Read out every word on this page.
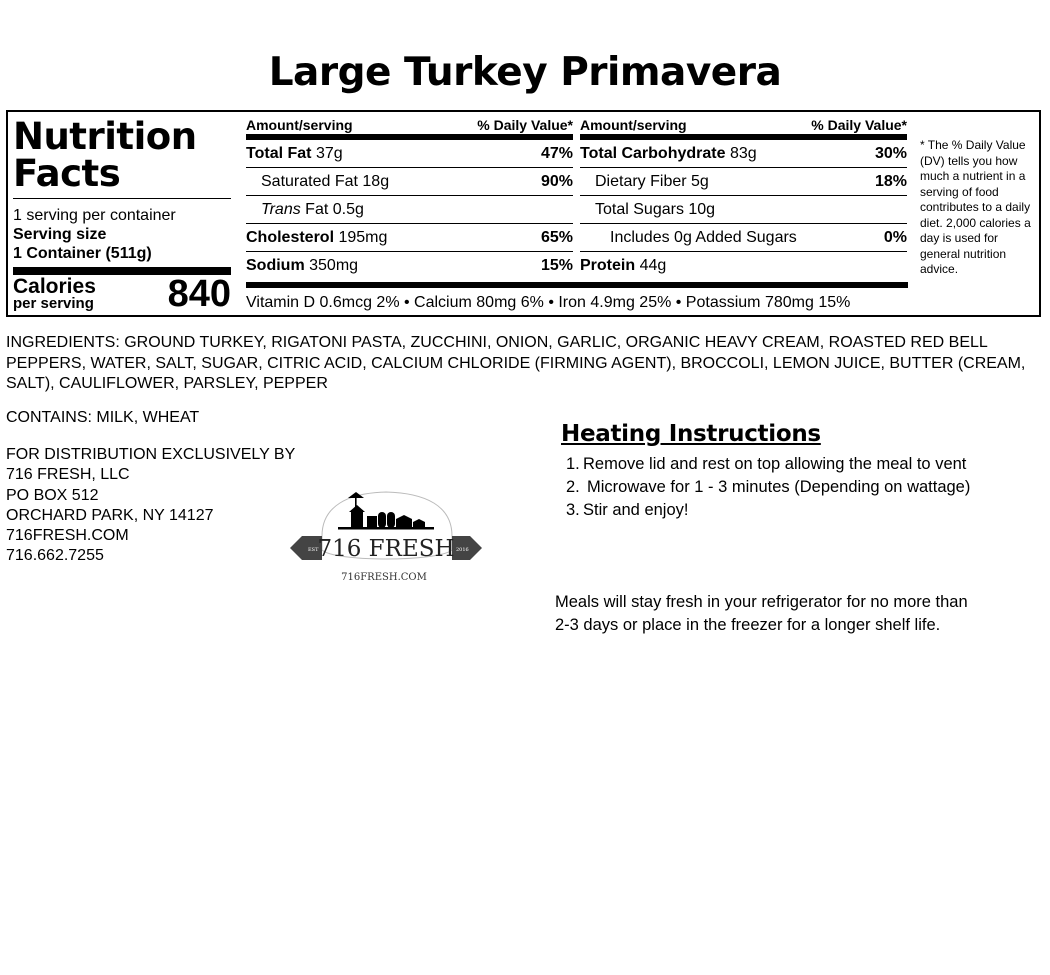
Large Turkey Primavera
Nutrition
Facts
1 serving per container
Serving size
1 Container (511g)
Calories
per serving 840
Amount/serving	% Daily Value*
Total Fat 37g	47%
Saturated Fat 18g	90%
Trans Fat 0.5g
Cholesterol 195mg	65%
Sodium 350mg	15%
Amount/serving	% Daily Value*
Total Carbohydrate 83g	30%
Dietary Fiber 5g	18%
Total Sugars 10g
Includes 0g Added Sugars	0%
Protein 44g
Vitamin D 0.6mcg 2% • Calcium 80mg 6% • Iron 4.9mg 25% • Potassium 780mg 15%
* The % Daily Value (DV) tells you how much a nutrient in a serving of food contributes to a daily diet. 2,000 calories a day is used for general nutrition advice.
INGREDIENTS: GROUND TURKEY, RIGATONI PASTA, ZUCCHINI, ONION, GARLIC, ORGANIC HEAVY CREAM, ROASTED RED BELL PEPPERS, WATER, SALT, SUGAR, CITRIC ACID, CALCIUM CHLORIDE (FIRMING AGENT), BROCCOLI, LEMON JUICE, BUTTER (CREAM, SALT), CAULIFLOWER, PARSLEY, PEPPER
CONTAINS: MILK, WHEAT
FOR DISTRIBUTION EXCLUSIVELY BY
716 FRESH, LLC
PO BOX 512
ORCHARD PARK, NY 14127
716FRESH.COM
716.662.7255	EST	2016
716 FRESH
716FRESH.COM
Heating Instructions
1. Remove lid and rest on top allowing the meal to vent
2. Microwave for 1 - 3 minutes (Depending on wattage)
3. Stir and enjoy!
Meals will stay fresh in your refrigerator for no more than 2-3 days or place in the freezer for a longer shelf life.
